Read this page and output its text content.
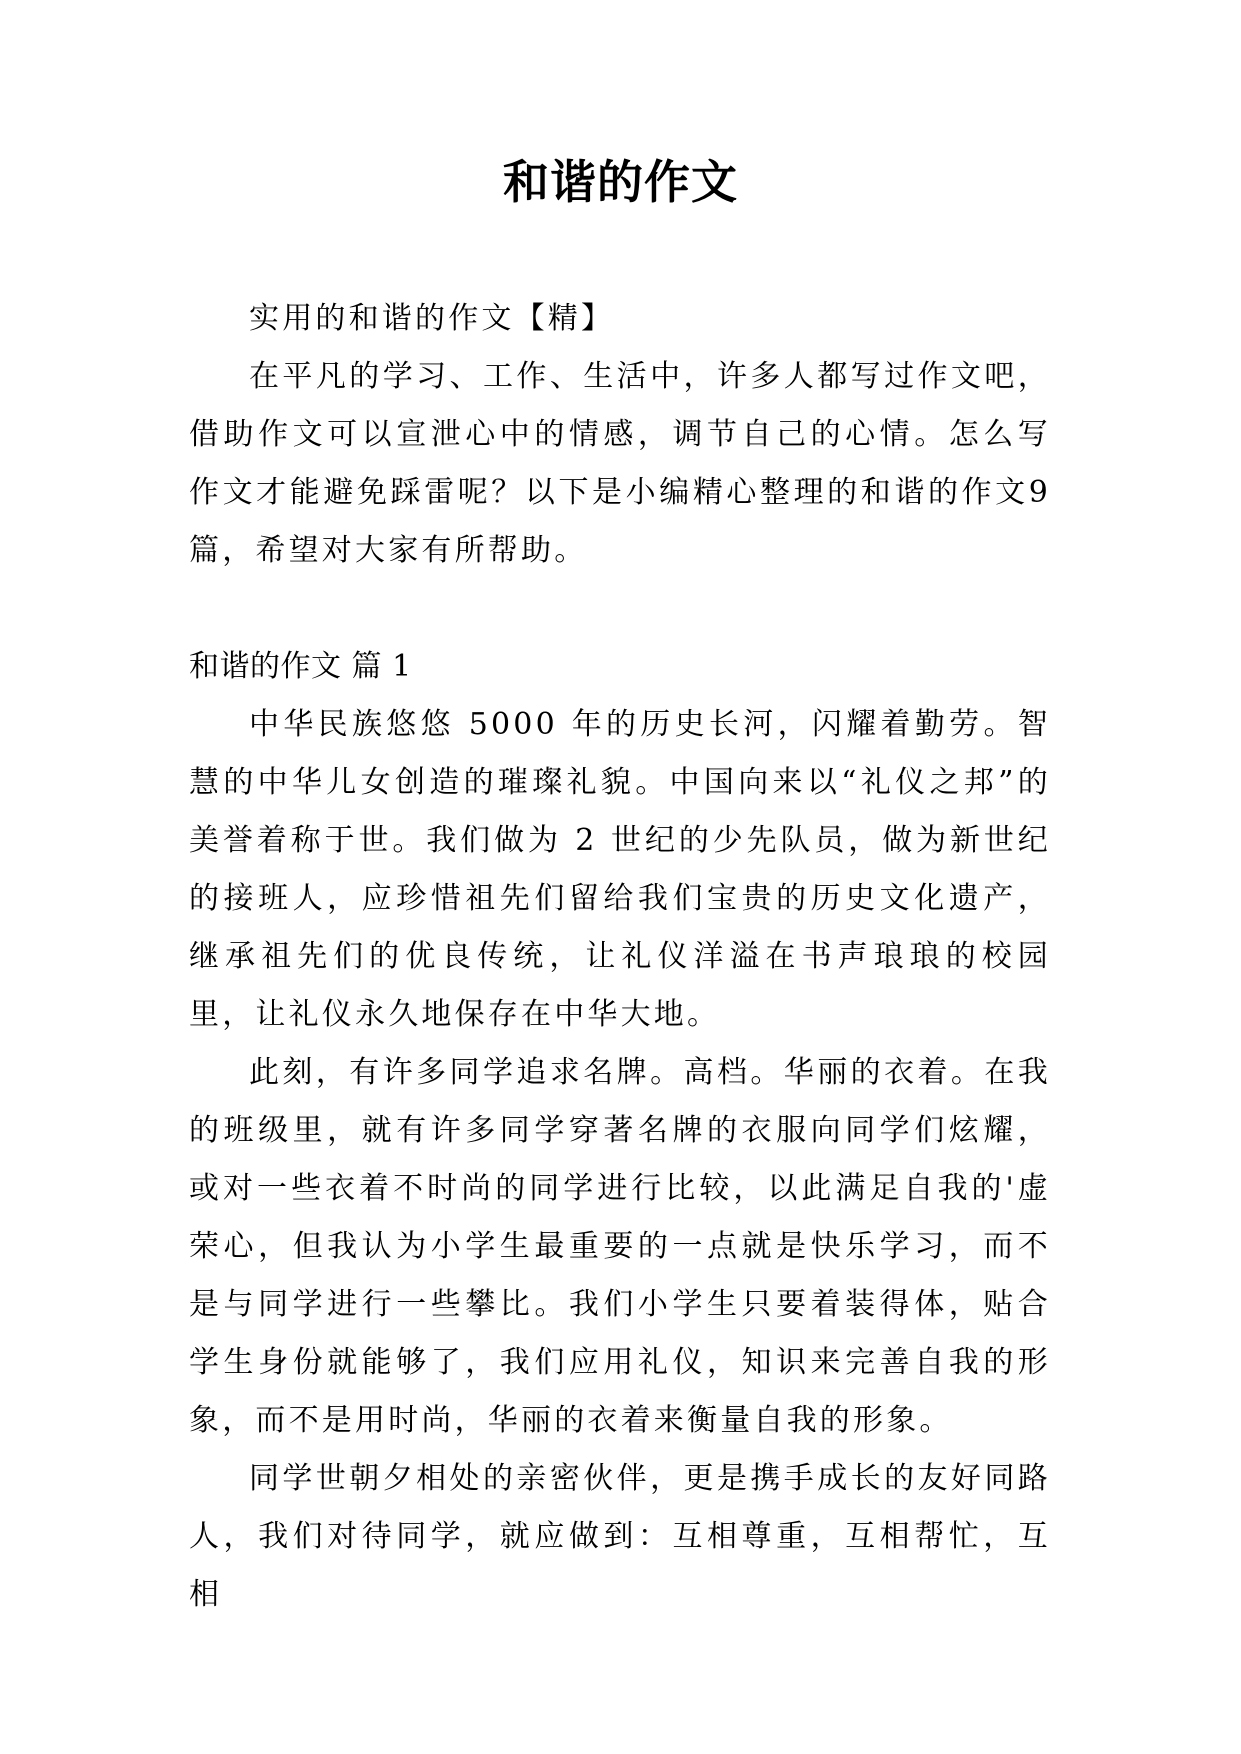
和谐的作文

实用的和谐的作文【精】

在平凡的学习、工作、生活中，许多人都写过作文吧，借助作文可以宣泄心中的情感，调节自己的心情。怎么写作文才能避免踩雷呢？以下是小编精心整理的和谐的作文9篇，希望对大家有所帮助。

和谐的作文 篇 1

中华民族悠悠 5000 年的历史长河，闪耀着勤劳。智慧的中华儿女创造的璀璨礼貌。中国向来以“礼仪之邦”的美誉着称于世。我们做为 2 世纪的少先队员，做为新世纪的接班人，应珍惜祖先们留给我们宝贵的历史文化遗产，继承祖先们的优良传统，让礼仪洋溢在书声琅琅的校园里，让礼仪永久地保存在中华大地。

此刻，有许多同学追求名牌。高档。华丽的衣着。在我的班级里，就有许多同学穿著名牌的衣服向同学们炫耀，或对一些衣着不时尚的同学进行比较，以此满足自我的'虚荣心，但我认为小学生最重要的一点就是快乐学习，而不是与同学进行一些攀比。我们小学生只要着装得体，贴合学生身份就能够了，我们应用礼仪，知识来完善自我的形象，而不是用时尚，华丽的衣着来衡量自我的形象。

同学世朝夕相处的亲密伙伴，更是携手成长的友好同路人，我们对待同学，就应做到：互相尊重，互相帮忙，互相
